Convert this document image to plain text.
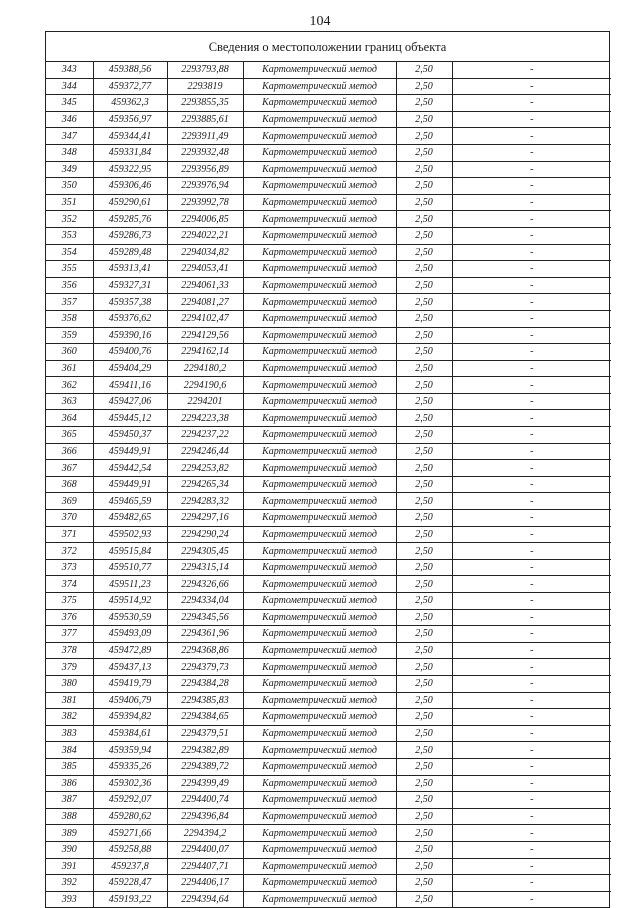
104
Сведения о местоположении границ объекта
343	459388,56	2293793,88	Картометрический метод	2,50	-
344	459372,77	2293819	Картометрический метод	2,50	-
345	459362,3	2293855,35	Картометрический метод	2,50	-
346	459356,97	2293885,61	Картометрический метод	2,50	-
347	459344,41	2293911,49	Картометрический метод	2,50	-
348	459331,84	2293932,48	Картометрический метод	2,50	-
349	459322,95	2293956,89	Картометрический метод	2,50	-
350	459306,46	2293976,94	Картометрический метод	2,50	-
351	459290,61	2293992,78	Картометрический метод	2,50	-
352	459285,76	2294006,85	Картометрический метод	2,50	-
353	459286,73	2294022,21	Картометрический метод	2,50	-
354	459289,48	2294034,82	Картометрический метод	2,50	-
355	459313,41	2294053,41	Картометрический метод	2,50	-
356	459327,31	2294061,33	Картометрический метод	2,50	-
357	459357,38	2294081,27	Картометрический метод	2,50	-
358	459376,62	2294102,47	Картометрический метод	2,50	-
359	459390,16	2294129,56	Картометрический метод	2,50	-
360	459400,76	2294162,14	Картометрический метод	2,50	-
361	459404,29	2294180,2	Картометрический метод	2,50	-
362	459411,16	2294190,6	Картометрический метод	2,50	-
363	459427,06	2294201	Картометрический метод	2,50	-
364	459445,12	2294223,38	Картометрический метод	2,50	-
365	459450,37	2294237,22	Картометрический метод	2,50	-
366	459449,91	2294246,44	Картометрический метод	2,50	-
367	459442,54	2294253,82	Картометрический метод	2,50	-
368	459449,91	2294265,34	Картометрический метод	2,50	-
369	459465,59	2294283,32	Картометрический метод	2,50	-
370	459482,65	2294297,16	Картометрический метод	2,50	-
371	459502,93	2294290,24	Картометрический метод	2,50	-
372	459515,84	2294305,45	Картометрический метод	2,50	-
373	459510,77	2294315,14	Картометрический метод	2,50	-
374	459511,23	2294326,66	Картометрический метод	2,50	-
375	459514,92	2294334,04	Картометрический метод	2,50	-
376	459530,59	2294345,56	Картометрический метод	2,50	-
377	459493,09	2294361,96	Картометрический метод	2,50	-
378	459472,89	2294368,86	Картометрический метод	2,50	-
379	459437,13	2294379,73	Картометрический метод	2,50	-
380	459419,79	2294384,28	Картометрический метод	2,50	-
381	459406,79	2294385,83	Картометрический метод	2,50	-
382	459394,82	2294384,65	Картометрический метод	2,50	-
383	459384,61	2294379,51	Картометрический метод	2,50	-
384	459359,94	2294382,89	Картометрический метод	2,50	-
385	459335,26	2294389,72	Картометрический метод	2,50	-
386	459302,36	2294399,49	Картометрический метод	2,50	-
387	459292,07	2294400,74	Картометрический метод	2,50	-
388	459280,62	2294396,84	Картометрический метод	2,50	-
389	459271,66	2294394,2	Картометрический метод	2,50	-
390	459258,88	2294400,07	Картометрический метод	2,50	-
391	459237,8	2294407,71	Картометрический метод	2,50	-
392	459228,47	2294406,17	Картометрический метод	2,50	-
393	459193,22	2294394,64	Картометрический метод	2,50	-
